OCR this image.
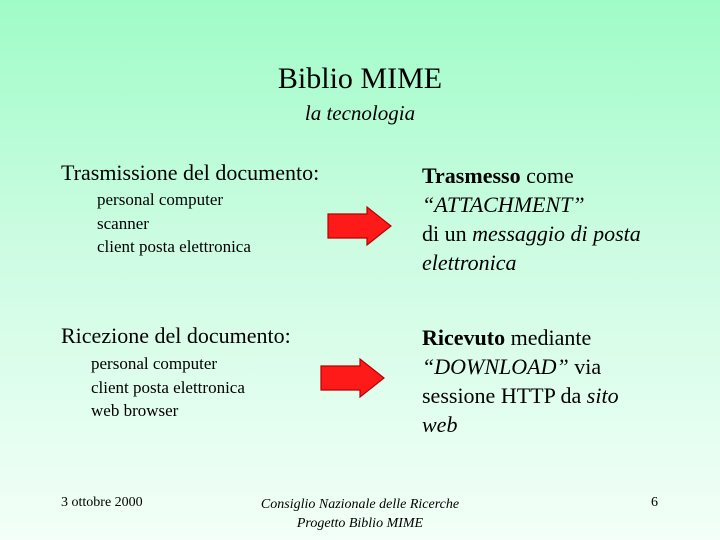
Biblio MIME
la tecnologia
Trasmissione del documento:
personal computer
scanner
client posta elettronica
Trasmesso come
“ATTACHMENT”
di un messaggio di posta
elettronica
Ricezione del documento:
personal computer
client posta elettronica
web browser
Ricevuto mediante
“DOWNLOAD” via
sessione HTTP da sito
web
3 ottobre 2000	Consiglio Nazionale delle Ricerche
Progetto Biblio MIME
6
